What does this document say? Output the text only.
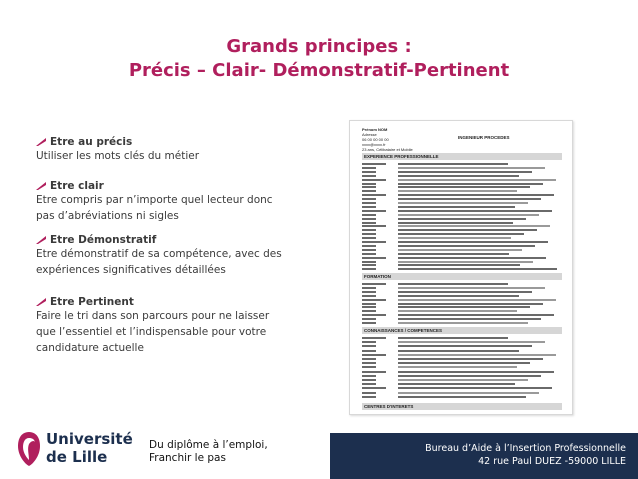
Grands principes :
Précis – Clair- Démonstratif-Pertinent
Etre au précis
Utiliser les mots clés du métier
Etre clair
Etre compris par n’importe quel lecteur donc
pas d’abréviations ni sigles
Etre Démonstratif
Etre démonstratif de sa compétence, avec des
expériences significatives détaillées
Etre Pertinent
Faire le tri dans son parcours pour ne laisser
que l’essentiel et l’indispensable pour votre
candidature actuelle
Prénom NOM
Adresse
06 00 00 00 00
xxxx@xxxx.fr
23 ans, Célibataire et Mobile
INGENIEUR PROCEDES
EXPERIENCE PROFESSIONNELLE
FORMATION
CONNAISSANCES / COMPETENCES
CENTRES D'INTERETS
Université
de Lille
Du diplôme à l’emploi,
Franchir le pas
Bureau d’Aide à l’Insertion Professionnelle
42 rue Paul DUEZ -59000 LILLE
